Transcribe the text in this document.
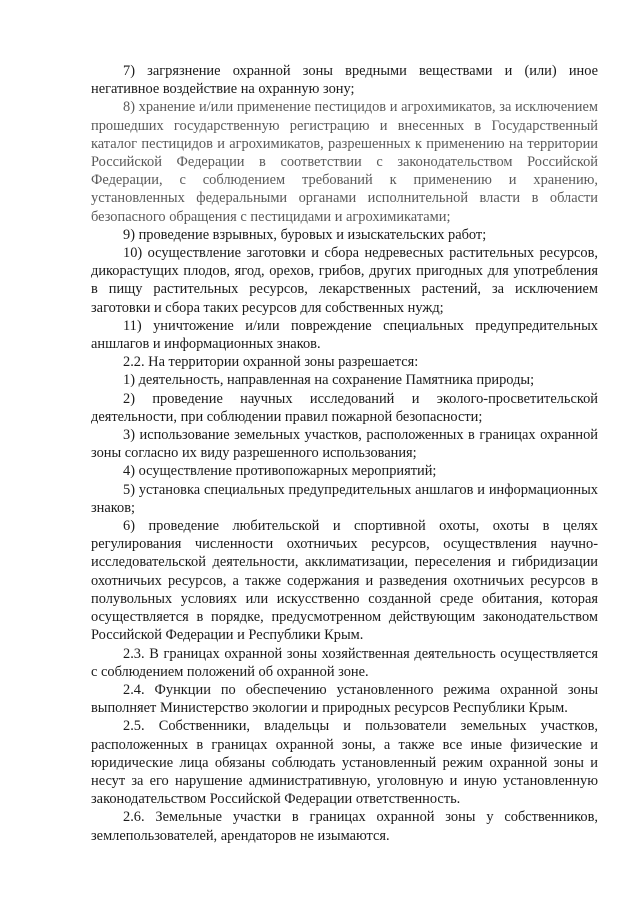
7) загрязнение охранной зоны вредными веществами и (или) иное негативное воздействие на охранную зону;

8) хранение и/или применение пестицидов и агрохимикатов, за исключением прошедших государственную регистрацию и внесенных в Государственный каталог пестицидов и агрохимикатов, разрешенных к применению на территории Российской Федерации в соответствии с законодательством Российской Федерации, с соблюдением требований к применению и хранению, установленных федеральными органами исполнительной власти в области безопасного обращения с пестицидами и агрохимикатами;

9) проведение взрывных, буровых и изыскательских работ;

10) осуществление заготовки и сбора недревесных растительных ресурсов, дикорастущих плодов, ягод, орехов, грибов, других пригодных для употребления в пищу растительных ресурсов, лекарственных растений, за исключением заготовки и сбора таких ресурсов для собственных нужд;

11) уничтожение и/или повреждение специальных предупредительных аншлагов и информационных знаков.

2.2. На территории охранной зоны разрешается:

1) деятельность, направленная на сохранение Памятника природы;

2) проведение научных исследований и эколого-просветительской деятельности, при соблюдении правил пожарной безопасности;

3) использование земельных участков, расположенных в границах охранной зоны согласно их виду разрешенного использования;

4) осуществление противопожарных мероприятий;

5) установка специальных предупредительных аншлагов и информационных знаков;

6) проведение любительской и спортивной охоты, охоты в целях регулирования численности охотничьих ресурсов, осуществления научно-исследовательской деятельности, акклиматизации, переселения и гибридизации охотничьих ресурсов, а также содержания и разведения охотничьих ресурсов в полувольных условиях или искусственно созданной среде обитания, которая осуществляется в порядке, предусмотренном действующим законодательством Российской Федерации и Республики Крым.

2.3. В границах охранной зоны хозяйственная деятельность осуществляется с соблюдением положений об охранной зоне.

2.4. Функции по обеспечению установленного режима охранной зоны выполняет Министерство экологии и природных ресурсов Республики Крым.

2.5. Собственники, владельцы и пользователи земельных участков, расположенных в границах охранной зоны, а также все иные физические и юридические лица обязаны соблюдать установленный режим охранной зоны и несут за его нарушение административную, уголовную и иную установленную законодательством Российской Федерации ответственность.

2.6. Земельные участки в границах охранной зоны у собственников, землепользователей, арендаторов не изымаются.
